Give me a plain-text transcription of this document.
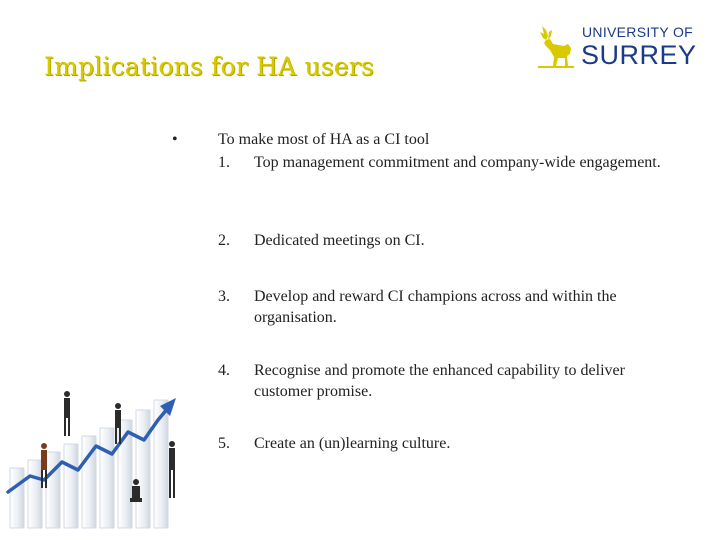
Implications for HA users
UNIVERSITY OF
SURREY
•	To make most of HA as a CI tool
1. Top management commitment and company-wide engagement.
2. Dedicated meetings on CI.
3. Develop and reward CI champions across and within the organisation.
4. Recognise and promote the enhanced capability to deliver customer promise.
5. Create an (un)learning culture.
